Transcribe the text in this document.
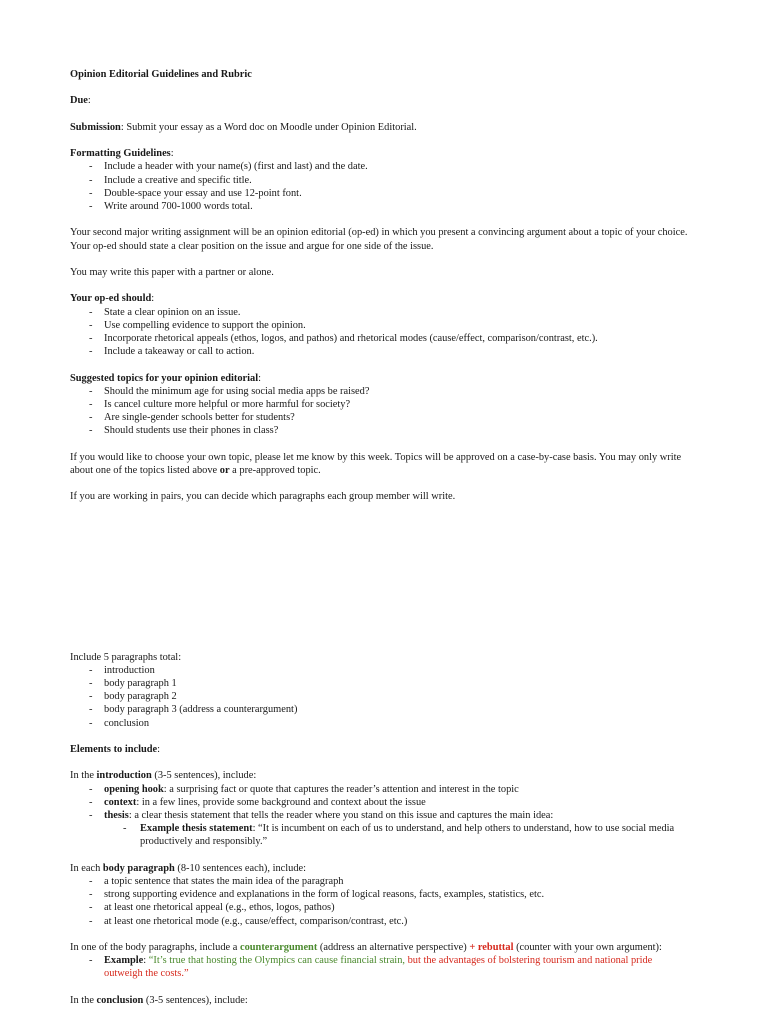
Opinion Editorial Guidelines and Rubric

Due:

Submission: Submit your essay as a Word doc on Moodle under Opinion Editorial.

Formatting Guidelines:

- Include a header with your name(s) (first and last) and the date.
- Include a creative and specific title.
- Double-space your essay and use 12-point font.
- Write around 700-1000 words total.

Your second major writing assignment will be an opinion editorial (op-ed) in which you present a convincing argument about a topic of your choice. Your op-ed should state a clear position on the issue and argue for one side of the issue.

You may write this paper with a partner or alone.

Your op-ed should:

- State a clear opinion on an issue.
- Use compelling evidence to support the opinion.
- Incorporate rhetorical appeals (ethos, logos, and pathos) and rhetorical modes (cause/effect, comparison/contrast, etc.).
- Include a takeaway or call to action.

Suggested topics for your opinion editorial:

- Should the minimum age for using social media apps be raised?
- Is cancel culture more helpful or more harmful for society?
- Are single-gender schools better for students?
- Should students use their phones in class?

If you would like to choose your own topic, please let me know by this week. Topics will be approved on a case-by-case basis. You may only write about one of the topics listed above or a pre-approved topic.

If you are working in pairs, you can decide which paragraphs each group member will write.

Include 5 paragraphs total:

- introduction
- body paragraph 1
- body paragraph 2
- body paragraph 3 (address a counterargument)
- conclusion

Elements to include:

In the introduction (3-5 sentences), include:

- opening hook: a surprising fact or quote that captures the reader’s attention and interest in the topic
- context: in a few lines, provide some background and context about the issue
- thesis: a clear thesis statement that tells the reader where you stand on this issue and captures the main idea:
- Example thesis statement: “It is incumbent on each of us to understand, and help others to understand, how to use social media productively and responsibly.”

In each body paragraph (8-10 sentences each), include:

- a topic sentence that states the main idea of the paragraph
- strong supporting evidence and explanations in the form of logical reasons, facts, examples, statistics, etc.
- at least one rhetorical appeal (e.g., ethos, logos, pathos)
- at least one rhetorical mode (e.g., cause/effect, comparison/contrast, etc.)

In one of the body paragraphs, include a counterargument (address an alternative perspective) + rebuttal (counter with your own argument):

- Example: “It’s true that hosting the Olympics can cause financial strain, but the advantages of bolstering tourism and national pride outweigh the costs.”

In the conclusion (3-5 sentences), include:
